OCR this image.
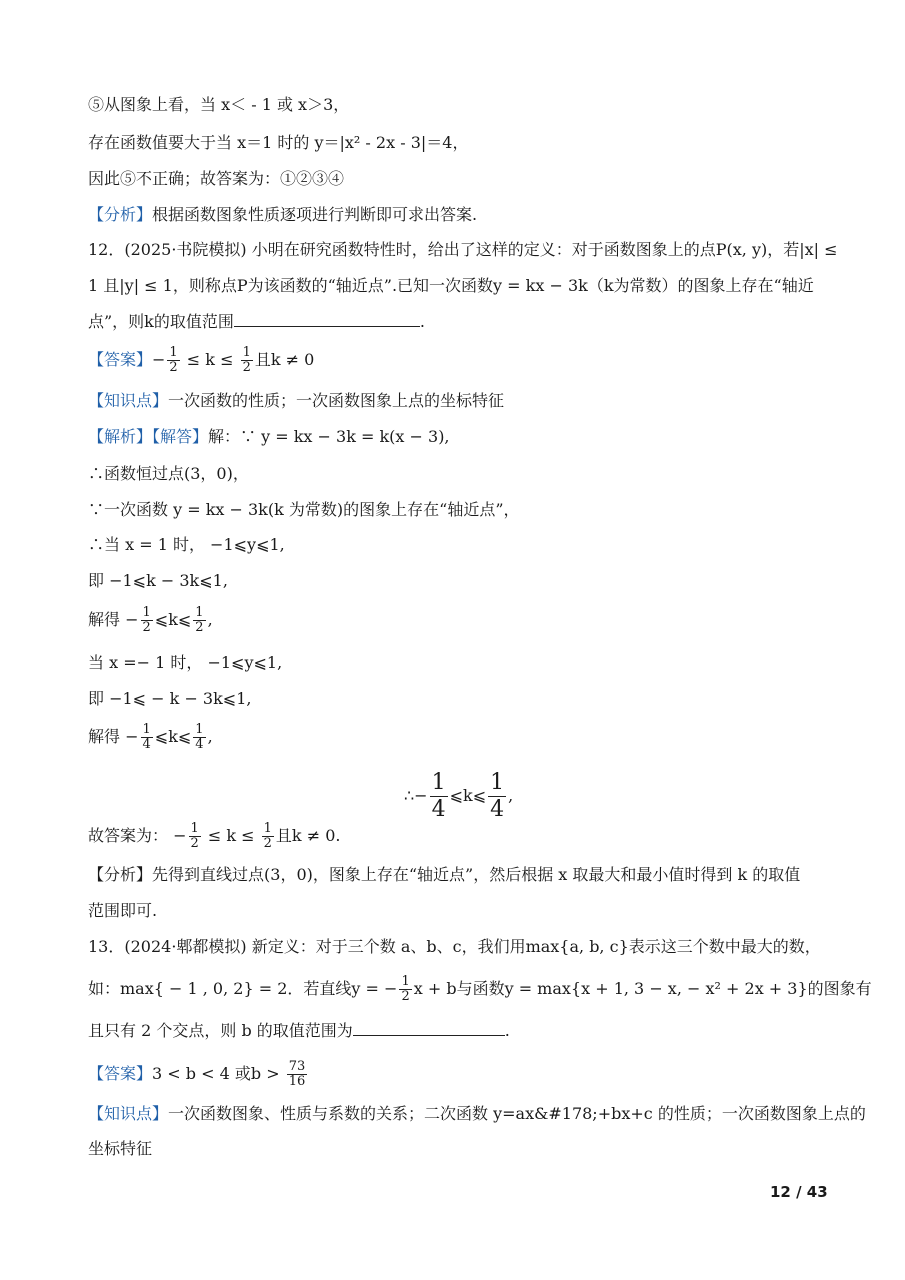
⑤从图象上看，当 x＜ - 1 或 x＞3，
存在函数值要大于当 x＝1 时的 y＝|x² - 2x - 3|＝4，
因此⑤不正确；故答案为：①②③④
【分析】根据函数图象性质逐项进行判断即可求出答案.
12．(2025·书院模拟) 小明在研究函数特性时，给出了这样的定义：对于函数图象上的点P(x, y)，若|x| ≤
1 且|y| ≤ 1，则称点P为该函数的“轴近点”.已知一次函数y = kx − 3k（k为常数）的图象上存在“轴近
点”，则k的取值范围	.
【答案】− $\frac{1}{2} \le k \le \frac{1}{2}$ 且k ≠ 0
【知识点】一次函数的性质；一次函数图象上点的坐标特征
【解析】【解答】解：∵ y = kx − 3k = k(x − 3),
∴函数恒过点(3，0)，
∵一次函数 y = kx − 3k(k 为常数)的图象上存在“轴近点”，
∴当 x = 1 时， −1⩽y⩽1,
即 −1⩽k − 3k⩽1,
解得 − $\frac{1}{2}$ ⩽k⩽ $\frac{1}{2}$ ,
当 x =− 1 时， −1⩽y⩽1,
即 −1⩽ − k − 3k⩽1,
解得 − $\frac{1}{4}$ ⩽k⩽ $\frac{1}{4}$ ,
∴− $\frac{1}{4}$ ⩽k⩽ $\frac{1}{4}$ ,
故答案为： − $\frac{1}{2} \le k \le \frac{1}{2}$ 且k ≠ 0.
【分析】先得到直线过点(3，0)，图象上存在“轴近点”，然后根据 x 取最大和最小值时得到 k 的取值
范围即可.
13．(2024·郫都模拟) 新定义：对于三个数 a、b、c，我们用max{a, b, c}表示这三个数中最大的数，
如：max{ − 1 , 0, 2} = 2．若直线y = − $\frac{1}{2}$ x + b与函数y = max{x + 1, 3 − x, − x² + 2x + 3}的图象有
且只有 2 个交点，则 b 的取值范围为	.
【答案】3 < b < 4 或$b > \frac{73}{16}$
【知识点】一次函数图象、性质与系数的关系；二次函数 y=ax&#178;+bx+c 的性质；一次函数图象上点的
坐标特征
12 / 43
